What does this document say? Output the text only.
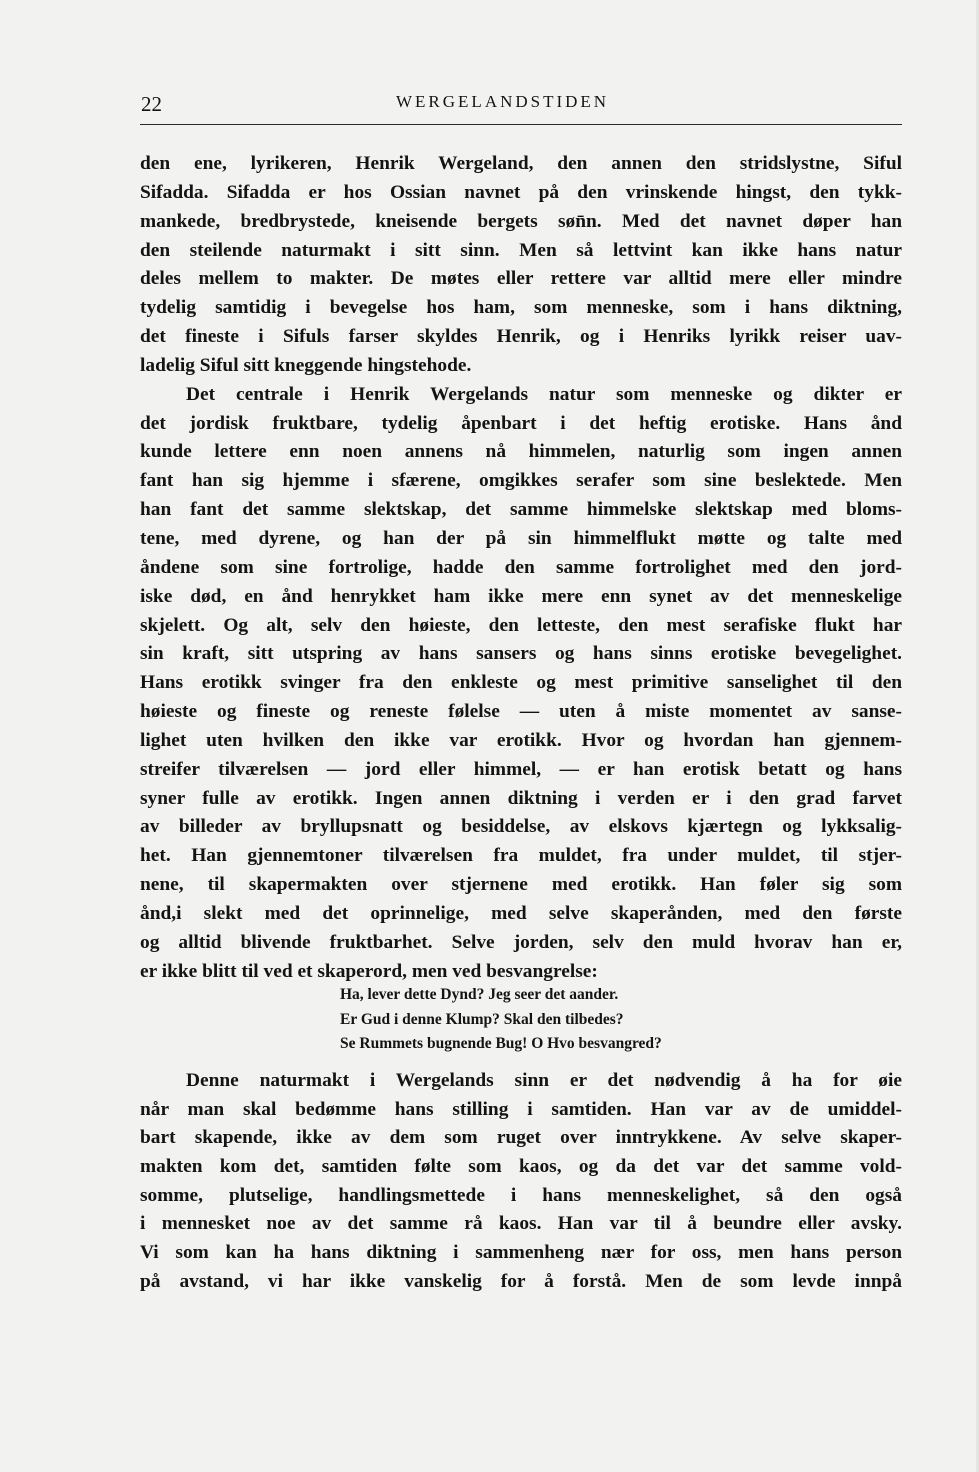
22	WERGELANDSTIDEN
den ene, lyrikeren, Henrik Wergeland, den annen den stridslystne, Siful
Sifadda. Sifadda er hos Ossian navnet på den vrinskende hingst, den tykk-
mankede, bredbrystede, kneisende bergets søn̄n. Med det navnet døper han
den steilende naturmakt i sitt sinn. Men så lettvint kan ikke hans natur
deles mellem to makter. De møtes eller rettere var alltid mere eller mindre
tydelig samtidig i bevegelse hos ham, som menneske, som i hans diktning,
det fineste i Sifuls farser skyldes Henrik, og i Henriks lyrikk reiser uav-
ladelig Siful sitt kneggende hingstehode.
Det centrale i Henrik Wergelands natur som menneske og dikter er
det jordisk fruktbare, tydelig åpenbart i det heftig erotiske. Hans ånd
kunde lettere enn noen annens nå himmelen, naturlig som ingen annen
fant han sig hjemme i sfærene, omgikkes serafer som sine beslektede. Men
han fant det samme slektskap, det samme himmelske slektskap med bloms-
tene, med dyrene, og han der på sin himmelflukt møtte og talte med
åndene som sine fortrolige, hadde den samme fortrolighet med den jord-
iske død, en ånd henrykket ham ikke mere enn synet av det menneskelige
skjelett. Og alt, selv den høieste, den letteste, den mest serafiske flukt har
sin kraft, sitt utspring av hans sansers og hans sinns erotiske bevegelighet.
Hans erotikk svinger fra den enkleste og mest primitive sanselighet til den
høieste og fineste og reneste følelse — uten å miste momentet av sanse-
lighet uten hvilken den ikke var erotikk. Hvor og hvordan han gjennem-
streifer tilværelsen — jord eller himmel, — er han erotisk betatt og hans
syner fulle av erotikk. Ingen annen diktning i verden er i den grad farvet
av billeder av bryllupsnatt og besiddelse, av elskovs kjærtegn og lykksalig-
het. Han gjennemtoner tilværelsen fra muldet, fra under muldet, til stjer-
nene, til skapermakten over stjernene med erotikk. Han føler sig som
ånd,i slekt med det oprinnelige, med selve skaperånden, med den første
og alltid blivende fruktbarhet. Selve jorden, selv den muld hvorav han er,
er ikke blitt til ved et skaperord, men ved besvangrelse:
Ha, lever dette Dynd? Jeg seer det aander.
Er Gud i denne Klump? Skal den tilbedes?
Se Rummets bugnende Bug! O Hvo besvangred?
Denne naturmakt i Wergelands sinn er det nødvendig å ha for øie
når man skal bedømme hans stilling i samtiden. Han var av de umiddel-
bart skapende, ikke av dem som ruget over inntrykkene. Av selve skaper-
makten kom det, samtiden følte som kaos, og da det var det samme vold-
somme, plutselige, handlingsmettede i hans menneskelighet, så den også
i mennesket noe av det samme rå kaos. Han var til å beundre eller avsky.
Vi som kan ha hans diktning i sammenheng nær for oss, men hans person
på avstand, vi har ikke vanskelig for å forstå. Men de som levde innpå
